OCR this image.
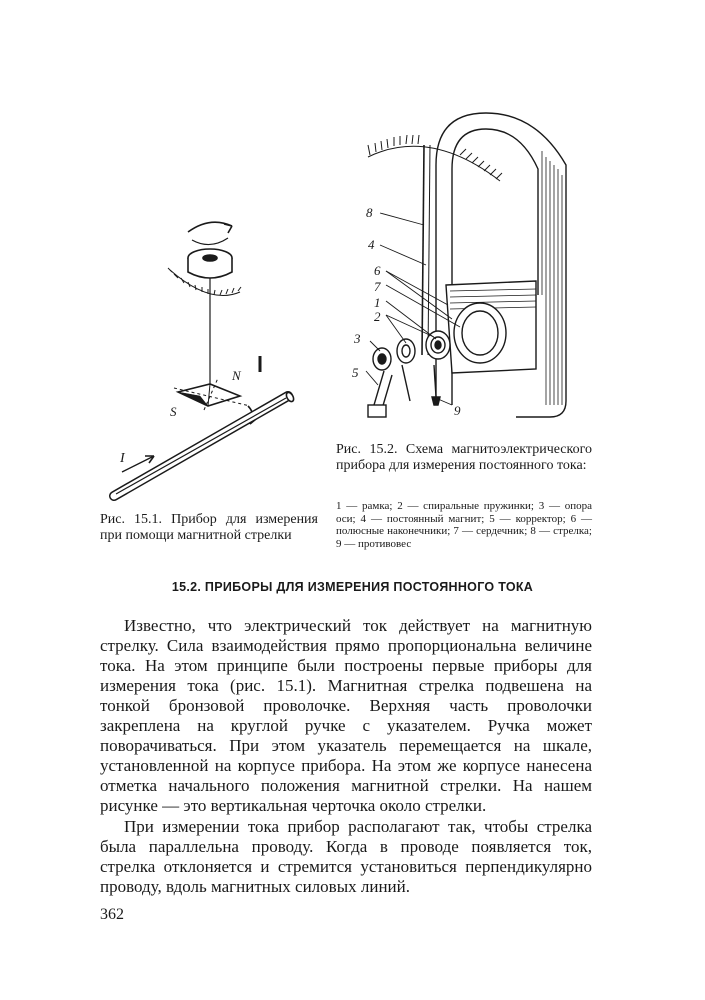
I
N
S
Рис. 15.1. Прибор для измерения при помощи магнитной стрелки
8
4
6
7
1
2
3
5
9
Рис. 15.2. Схема магнитоэлектрического прибора для измерения постоянного тока:
1 — рамка; 2 — спиральные пружинки; 3 — опора оси; 4 — постоянный магнит; 5 — корректор; 6 — полюсные наконечники; 7 — сердечник; 8 — стрелка; 9 — противовес
15.2. ПРИБОРЫ ДЛЯ ИЗМЕРЕНИЯ ПОСТОЯННОГО ТОКА

Известно, что электрический ток действует на магнитную стрелку. Сила взаимодействия прямо пропорциональна величине тока. На этом принципе были построены первые приборы для измерения тока (рис. 15.1). Магнитная стрелка подвешена на тонкой бронзовой проволочке. Верхняя часть проволочки закреплена на круглой ручке с указателем. Ручка может поворачиваться. При этом указатель перемещается на шкале, установленной на корпусе прибора. На этом же корпусе нанесена отметка начального положения магнитной стрелки. На нашем рисунке — это вертикальная черточка около стрелки.

При измерении тока прибор располагают так, чтобы стрелка была параллельна проводу. Когда в проводе появляется ток, стрелка отклоняется и стремится установиться перпендикулярно проводу, вдоль магнитных силовых линий.

362
